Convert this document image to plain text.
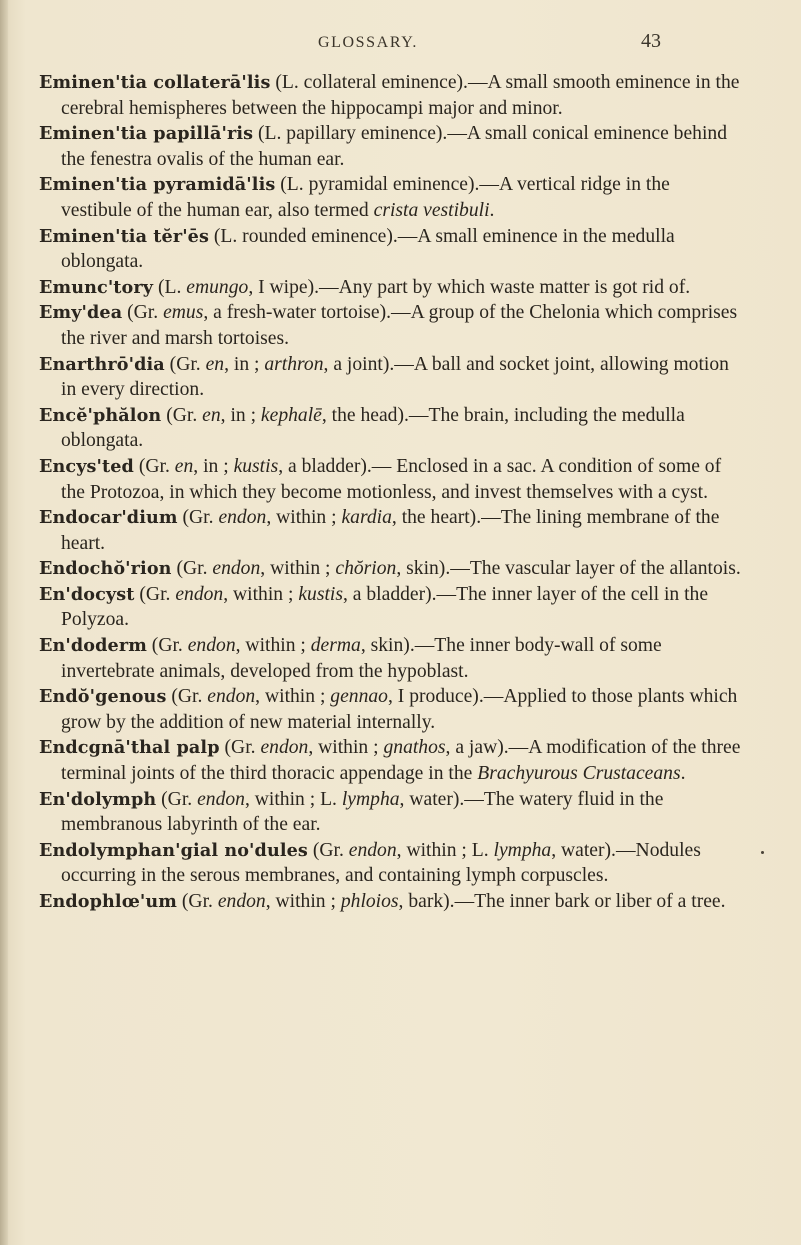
GLOSSARY.	43

Eminen'tia collaterā'lis (L. collateral eminence).—A small smooth eminence in the cerebral hemispheres between the hippocampi major and minor.

Eminen'tia papillā'ris (L. papillary eminence).—A small conical eminence behind the fenestra ovalis of the human ear.

Eminen'tia pyramidā'lis (L. pyramidal eminence).—A vertical ridge in the vestibule of the human ear, also termed crista vestibuli.

Eminen'tia tĕr'ēs (L. rounded eminence).—A small eminence in the medulla oblongata.

Emunc'tory (L. emungo, I wipe).—Any part by which waste matter is got rid of.

Emy'dea (Gr. emus, a fresh-water tortoise).—A group of the Chelonia which comprises the river and marsh tortoises.

Enarthrō'dia (Gr. en, in ; arthron, a joint).—A ball and socket joint, allowing motion in every direction.

Encĕ'phălon (Gr. en, in ; kephalē, the head).—The brain, including the medulla oblongata.

Encys'ted (Gr. en, in ; kustis, a bladder).— Enclosed in a sac. A condition of some of the Protozoa, in which they become motionless, and invest themselves with a cyst.

Endocar'dium (Gr. endon, within ; kardia, the heart).—The lining membrane of the heart.

Endochŏ'rion (Gr. endon, within ; chŏrion, skin).—The vascular layer of the allantois.

En'docyst (Gr. endon, within ; kustis, a bladder).—The inner layer of the cell in the Polyzoa.

En'doderm (Gr. endon, within ; derma, skin).—The inner body-wall of some invertebrate animals, developed from the hypoblast.

Endŏ'genous (Gr. endon, within ; gennao, I produce).—Applied to those plants which grow by the addition of new material internally.

Endcgnā'thal palp (Gr. endon, within ; gnathos, a jaw).—A modification of the three terminal joints of the third thoracic appendage in the Brachyurous Crustaceans.

En'dolymph (Gr. endon, within ; L. lympha, water).—The watery fluid in the membranous labyrinth of the ear.

Endolymphan'gial no'dules (Gr. endon, within ; L. lympha, water).—Nodules occurring in the serous membranes, and containing lymph corpuscles.

Endophlœ'um (Gr. endon, within ; phloios, bark).—The inner bark or liber of a tree.
